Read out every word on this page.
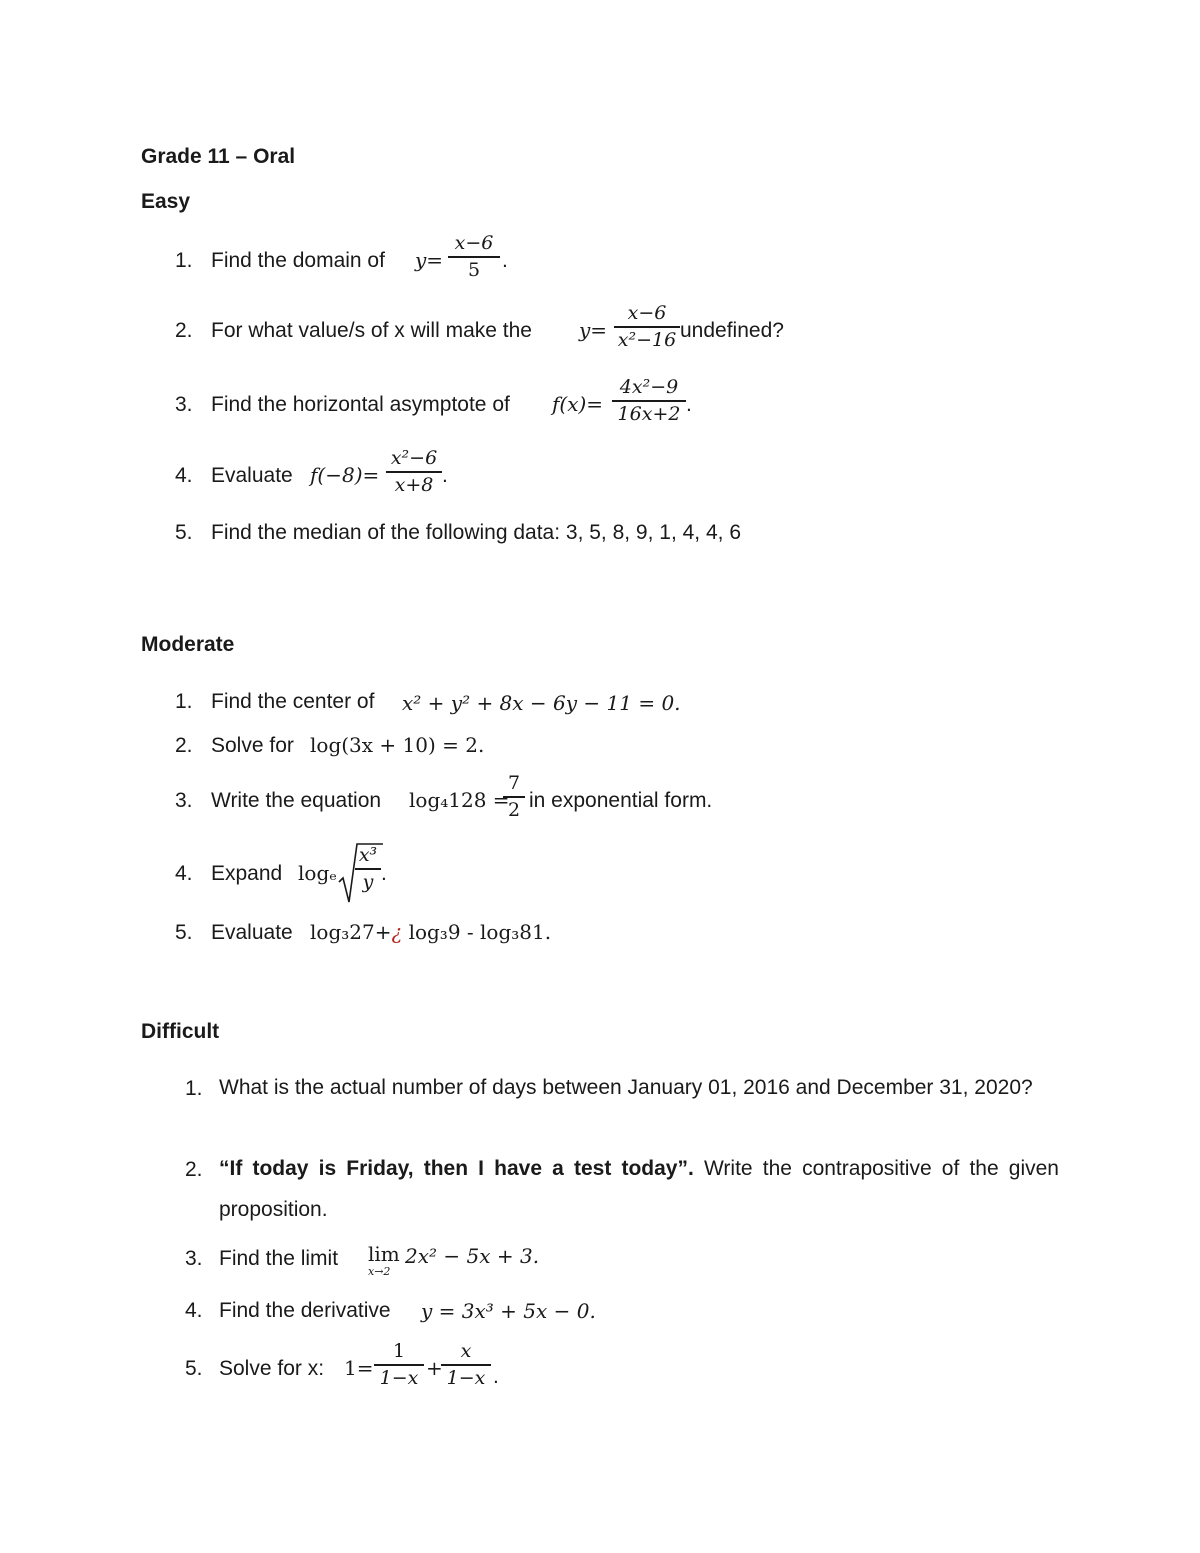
Grade 11 – Oral
Easy
1. Find the domain of y=
x−6
5	.
2. For what value/s of x will make the y=
x−6
x²−16 undefined?
3. Find the horizontal asymptote of f(x)=
4x²−9
16x+2 .
4. Evaluate f(−8)=
x²−6
x+8 .
5. Find the median of the following data: 3, 5, 8, 9, 1, 4, 4, 6
Moderate
1. Find the center of x² + y² + 8x − 6y − 11 = 0.
2. Solve for log(3x + 10) = 2.
3. Write the equation log₄128 =
7
2 in exponential form.
4. Expand logₑ
x³
y .
5. Evaluate log₃27+¿ log₃9 - log₃81.
Difficult
1. What is the actual number of days between January 01, 2016 and December 31, 2020?
2. “If today is Friday, then I have a test today”. Write the contrapositive of the given proposition.
3. Find the limit lim
x→2
2x² − 5x + 3.
4. Find the derivative y = 3x³ + 5x − 0.
5. Solve for x: 1=
1
1−x +
x
1−x .
